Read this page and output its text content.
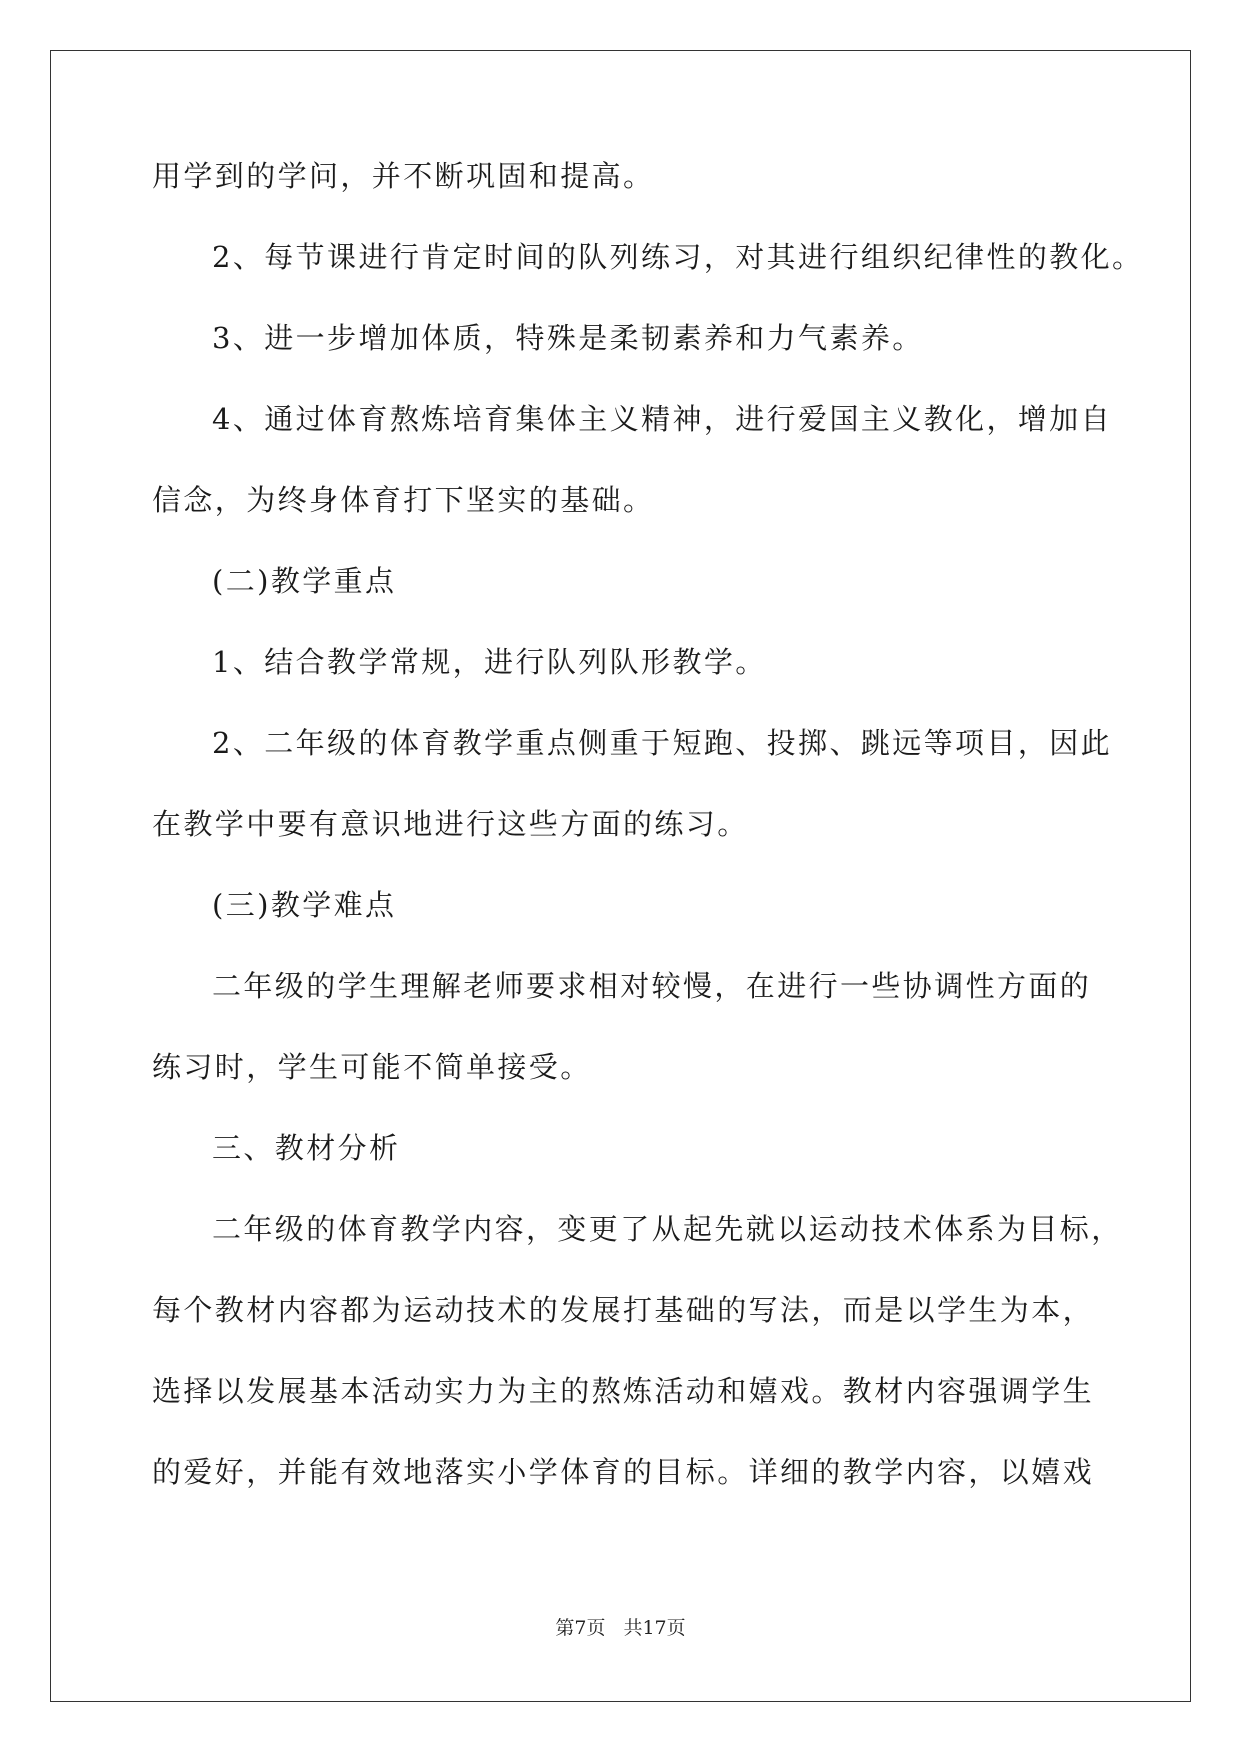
用学到的学问，并不断巩固和提高。
2、每节课进行肯定时间的队列练习，对其进行组织纪律性的教化。
3、进一步增加体质，特殊是柔韧素养和力气素养。
4、通过体育熬炼培育集体主义精神，进行爱国主义教化，增加自
信念，为终身体育打下坚实的基础。
(二)教学重点
1、结合教学常规，进行队列队形教学。
2、二年级的体育教学重点侧重于短跑、投掷、跳远等项目，因此
在教学中要有意识地进行这些方面的练习。
(三)教学难点
二年级的学生理解老师要求相对较慢，在进行一些协调性方面的
练习时，学生可能不简单接受。
三、教材分析
二年级的体育教学内容，变更了从起先就以运动技术体系为目标，
每个教材内容都为运动技术的发展打基础的写法，而是以学生为本，
选择以发展基本活动实力为主的熬炼活动和嬉戏。教材内容强调学生
的爱好，并能有效地落实小学体育的目标。详细的教学内容，以嬉戏
第7页 共17页
